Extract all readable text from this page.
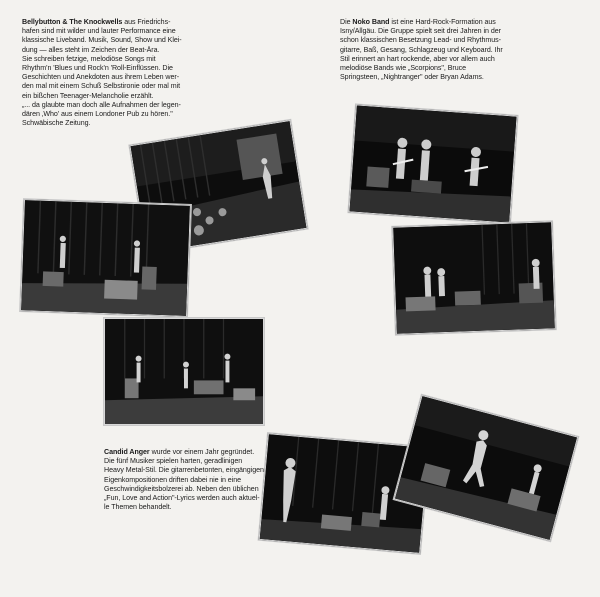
Bellybutton & The Knockwells aus Friedrichs-

hafen sind mit wilder und lauter Performance eine

klassische Liveband. Musik, Sound, Show und Klei-

dung — alles steht im Zeichen der Beat-Ära.

Sie schreiben fetzige, melodiöse Songs mit

Rhythm'n 'Blues und Rock'n 'Roll-Einflüssen. Die

Geschichten und Anekdoten aus ihrem Leben wer-

den mal mit einem Schuß Selbstironie oder mal mit

ein bißchen Teenager-Melancholie erzählt.

„... da glaubte man doch alle Aufnahmen der legen-

dären ‚Who' aus einem Londoner Pub zu hören."

Schwäbische Zeitung.

Die Noko Band ist eine Hard-Rock-Formation aus

Isny/Allgäu. Die Gruppe spielt seit drei Jahren in der

schon klassischen Besetzung Lead- und Rhythmus-

gitarre, Baß, Gesang, Schlagzeug und Keyboard. Ihr

Stil erinnert an hart rockende, aber vor allem auch

melodiöse Bands wie „Scorpions", Bruce

Springsteen, „Nightranger" oder Bryan Adams.

Candid Anger wurde vor einem Jahr gegründet.

Die fünf Musiker spielen harten, geradlinigen

Heavy Metal-Stil. Die gitarrenbetonten, eingängigen

Eigenkompositionen driften dabei nie in eine

Geschwindigkeitsbolzerei ab. Neben den üblichen

„Fun, Love and Action"-Lyrics werden auch aktuel-

le Themen behandelt.
